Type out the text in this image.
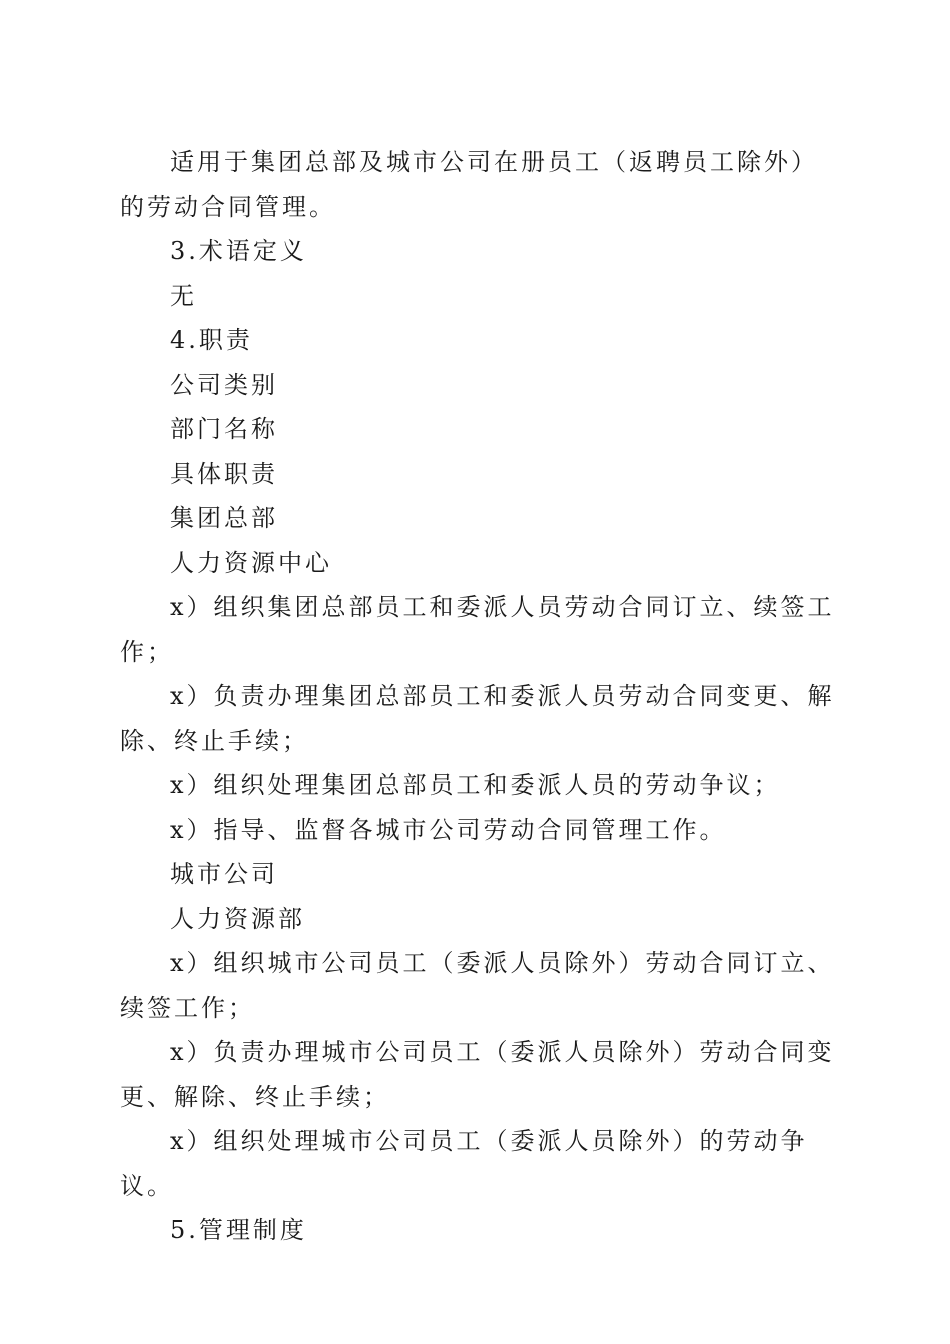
适用于集团总部及城市公司在册员工（返聘员工除外）的劳动合同管理。

3.术语定义

无

4.职责

公司类别

部门名称

具体职责

集团总部

人力资源中心

x）组织集团总部员工和委派人员劳动合同订立、续签工作；

x）负责办理集团总部员工和委派人员劳动合同变更、解除、终止手续；

x）组织处理集团总部员工和委派人员的劳动争议；

x）指导、监督各城市公司劳动合同管理工作。

城市公司

人力资源部

x）组织城市公司员工（委派人员除外）劳动合同订立、续签工作；

x）负责办理城市公司员工（委派人员除外）劳动合同变更、解除、终止手续；

x）组织处理城市公司员工（委派人员除外）的劳动争议。

5.管理制度
